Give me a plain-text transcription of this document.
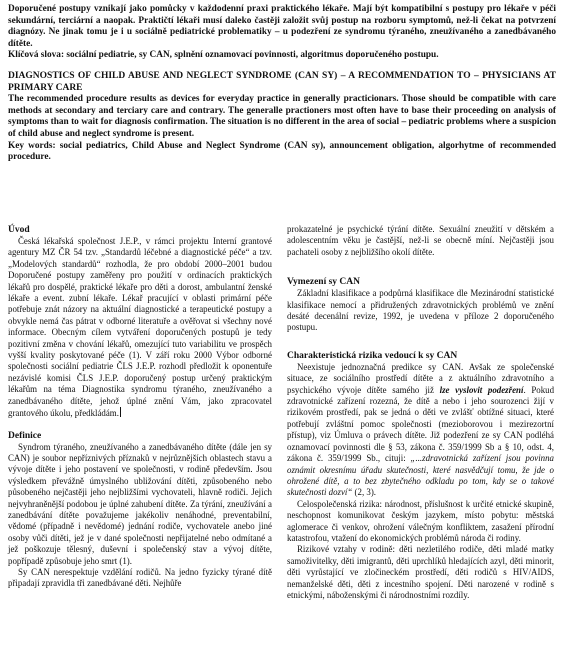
Doporučené postupy vznikají jako pomůcky v každodenní praxi praktického lékaře. Mají být kompatibilní s postupy pro lékaře v péči sekundární, terciární a naopak. Praktičtí lékaři musí daleko častěji založit svůj postup na rozboru symptomů, než-li čekat na potvrzení diagnózy. Ne jinak tomu je i u sociálně pediatrické problematiky – u podezření ze syndromu týraného, zneužívaného a zanedbávaného dítěte.
Klíčová slova: sociální pediatrie, sy CAN, splnění oznamovací povinnosti, algoritmus doporučeného postupu.

DIAGNOSTICS OF CHILD ABUSE AND NEGLECT SYNDROME (CAN SY) – A RECOMMENDATION TO – PHYSICIANS AT PRIMARY CARE

The recommended procedure results as devices for everyday practice in generally practicionars. Those should be compatible with care methods at secondary and terciary care and contrary. The generalle practioners most often have to base their proceeding on analysis of symptoms than to wait for diagnosis confirmation. The situation is no different in the area of social – pediatric problems where a suspicion of child abuse and neglect syndrome is present.
Key words: social pediatrics, Child Abuse and Neglect Syndrome (CAN sy), announcement obligation, algorhytme of recommended procedure.

Úvod

Česká lékařská společnost J.E.P., v rámci projektu Interní grantové agentury MZ ČR 54 tzv. „Standardů léčebné a diagnostické péče“ a tzv. „Modelových standardů“ rozhodla, že pro období 2000–2001 budou Doporučené postupy zaměřeny pro použití v ordinacích praktických lékařů pro dospělé, praktické lékaře pro děti a dorost, ambulantní ženské lékaře a event. zubní lékaře. Lékař pracující v oblasti primární péče potřebuje znát názory na aktuální diagnostické a terapeutické postupy a obvykle nemá čas pátrat v odborné literatuře a ověřovat si všechny nové informace. Obecným cílem vytváření doporučených postupů je tedy pozitivní změna v chování lékařů, omezující tuto variabilitu ve prospěch vyšší kvality poskytované péče (1). V září roku 2000 Výbor odborné společnosti sociální pediatrie ČLS J.E.P. rozhodl předložit k oponentuře nezávislé komisi ČLS J.E.P. doporučený postup určený praktickým lékařům na téma Diagnostika syndromu týraného, zneužívaného a zanedbávaného dítěte, jehož úplné znění Vám, jako zpracovatel grantového úkolu, předkládám.

Definice

Syndrom týraného, zneužívaného a zanedbávaného dítěte (dále jen sy CAN) je soubor nepříznivých příznaků v nejrůznějších oblastech stavu a vývoje dítěte i jeho postavení ve společnosti, v rodině především. Jsou výsledkem převážně úmyslného ubližování dítěti, způsobeného nebo působeného nejčastěji jeho nejbližšími vychovateli, hlavně rodiči. Jejich nejvyhraněnější podobou je úplné zahubení dítěte. Za týrání, zneužívání a zanedbávání dítěte považujeme jakékoliv nenáhodné, preventabilní, vědomé (případně i nevědomé) jednání rodiče, vychovatele anebo jiné osoby vůči dítěti, jež je v dané společnosti nepřijatelné nebo odmítané a jež poškozuje tělesný, duševní i společenský stav a vývoj dítěte, popřípadě způsobuje jeho smrt (1).

Sy CAN nerespektuje vzdělání rodičů. Na jedno fyzicky týrané dítě připadají zpravidla tři zanedbávané děti. Nejhůře

prokazatelné je psychické týrání dítěte. Sexuální zneužití v dětském a adolescentním věku je častější, než-li se obecně míní. Nejčastěji jsou pachateli osoby z nejbližšího okolí dítěte.

Vymezení sy CAN

Základní klasifikace a podpůrná klasifikace dle Mezinárodní statistické klasifikace nemocí a přidružených zdravotnických problémů ve znění desáté decenální revize, 1992, je uvedena v příloze 2 doporučeného postupu.

Charakteristická rizika vedoucí k sy CAN

Neexistuje jednoznačná predikce sy CAN. Avšak ze společenské situace, ze sociálního prostředí dítěte a z aktuálního zdravotního a psychického vývoje dítěte samého již lze vyslovit podezření. Pokud zdravotnické zařízení rozezná, že dítě a nebo i jeho sourozenci žijí v rizikovém prostředí, pak se jedná o děti ve zvlášť obtížné situaci, které potřebují zvláštní pomoc společnosti (mezioborovou i mezirezortní přístup), viz Úmluva o právech dítěte. Již podezření ze sy CAN podléhá oznamovací povinnosti dle § 53, zákona č. 359/1999 Sb a § 10, odst. 4, zákona č. 359/1999 Sb., cituji: „...zdravotnická zařízení jsou povinna oznámit okresnímu úřadu skutečnosti, které nasvědčují tomu, že jde o ohrožené dítě, a to bez zbytečného odkladu po tom, kdy se o takové skutečnosti dozví“ (2, 3).

Celospolečenská rizika: národnost, příslušnost k určité etnické skupině, neschopnost komunikovat českým jazykem, místo pobytu: městská aglomerace či venkov, ohrožení válečným konfliktem, zasažení přírodní katastrofou, vtažení do ekonomických problémů národa či rodiny.

Rizikové vztahy v rodině: děti nezletilého rodiče, děti mladé matky samoživitelky, děti imigrantů, děti uprchlíků hledajících azyl, děti minorit, děti vyrůstající ve zločineckém prostředí, děti rodičů s HIV/AIDS, nemanželské děti, děti z incestního spojení. Děti narozené v rodině s etnickými, náboženskými či národnostními rozdíly.
